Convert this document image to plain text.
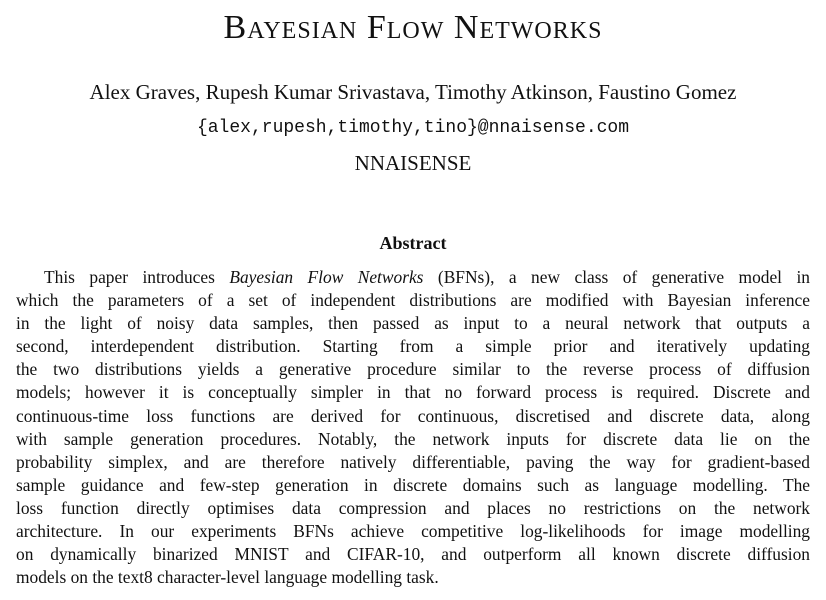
Bayesian Flow Networks
Alex Graves, Rupesh Kumar Srivastava, Timothy Atkinson, Faustino Gomez
{alex,rupesh,timothy,tino}@nnaisense.com
NNAISENSE
Abstract
This paper introduces Bayesian Flow Networks (BFNs), a new class of generative model in
which the parameters of a set of independent distributions are modified with Bayesian inference
in the light of noisy data samples, then passed as input to a neural network that outputs a
second, interdependent distribution. Starting from a simple prior and iteratively updating
the two distributions yields a generative procedure similar to the reverse process of diffusion
models; however it is conceptually simpler in that no forward process is required. Discrete and
continuous-time loss functions are derived for continuous, discretised and discrete data, along
with sample generation procedures. Notably, the network inputs for discrete data lie on the
probability simplex, and are therefore natively differentiable, paving the way for gradient-based
sample guidance and few-step generation in discrete domains such as language modelling. The
loss function directly optimises data compression and places no restrictions on the network
architecture. In our experiments BFNs achieve competitive log-likelihoods for image modelling
on dynamically binarized MNIST and CIFAR-10, and outperform all known discrete diffusion
models on the text8 character-level language modelling task.
